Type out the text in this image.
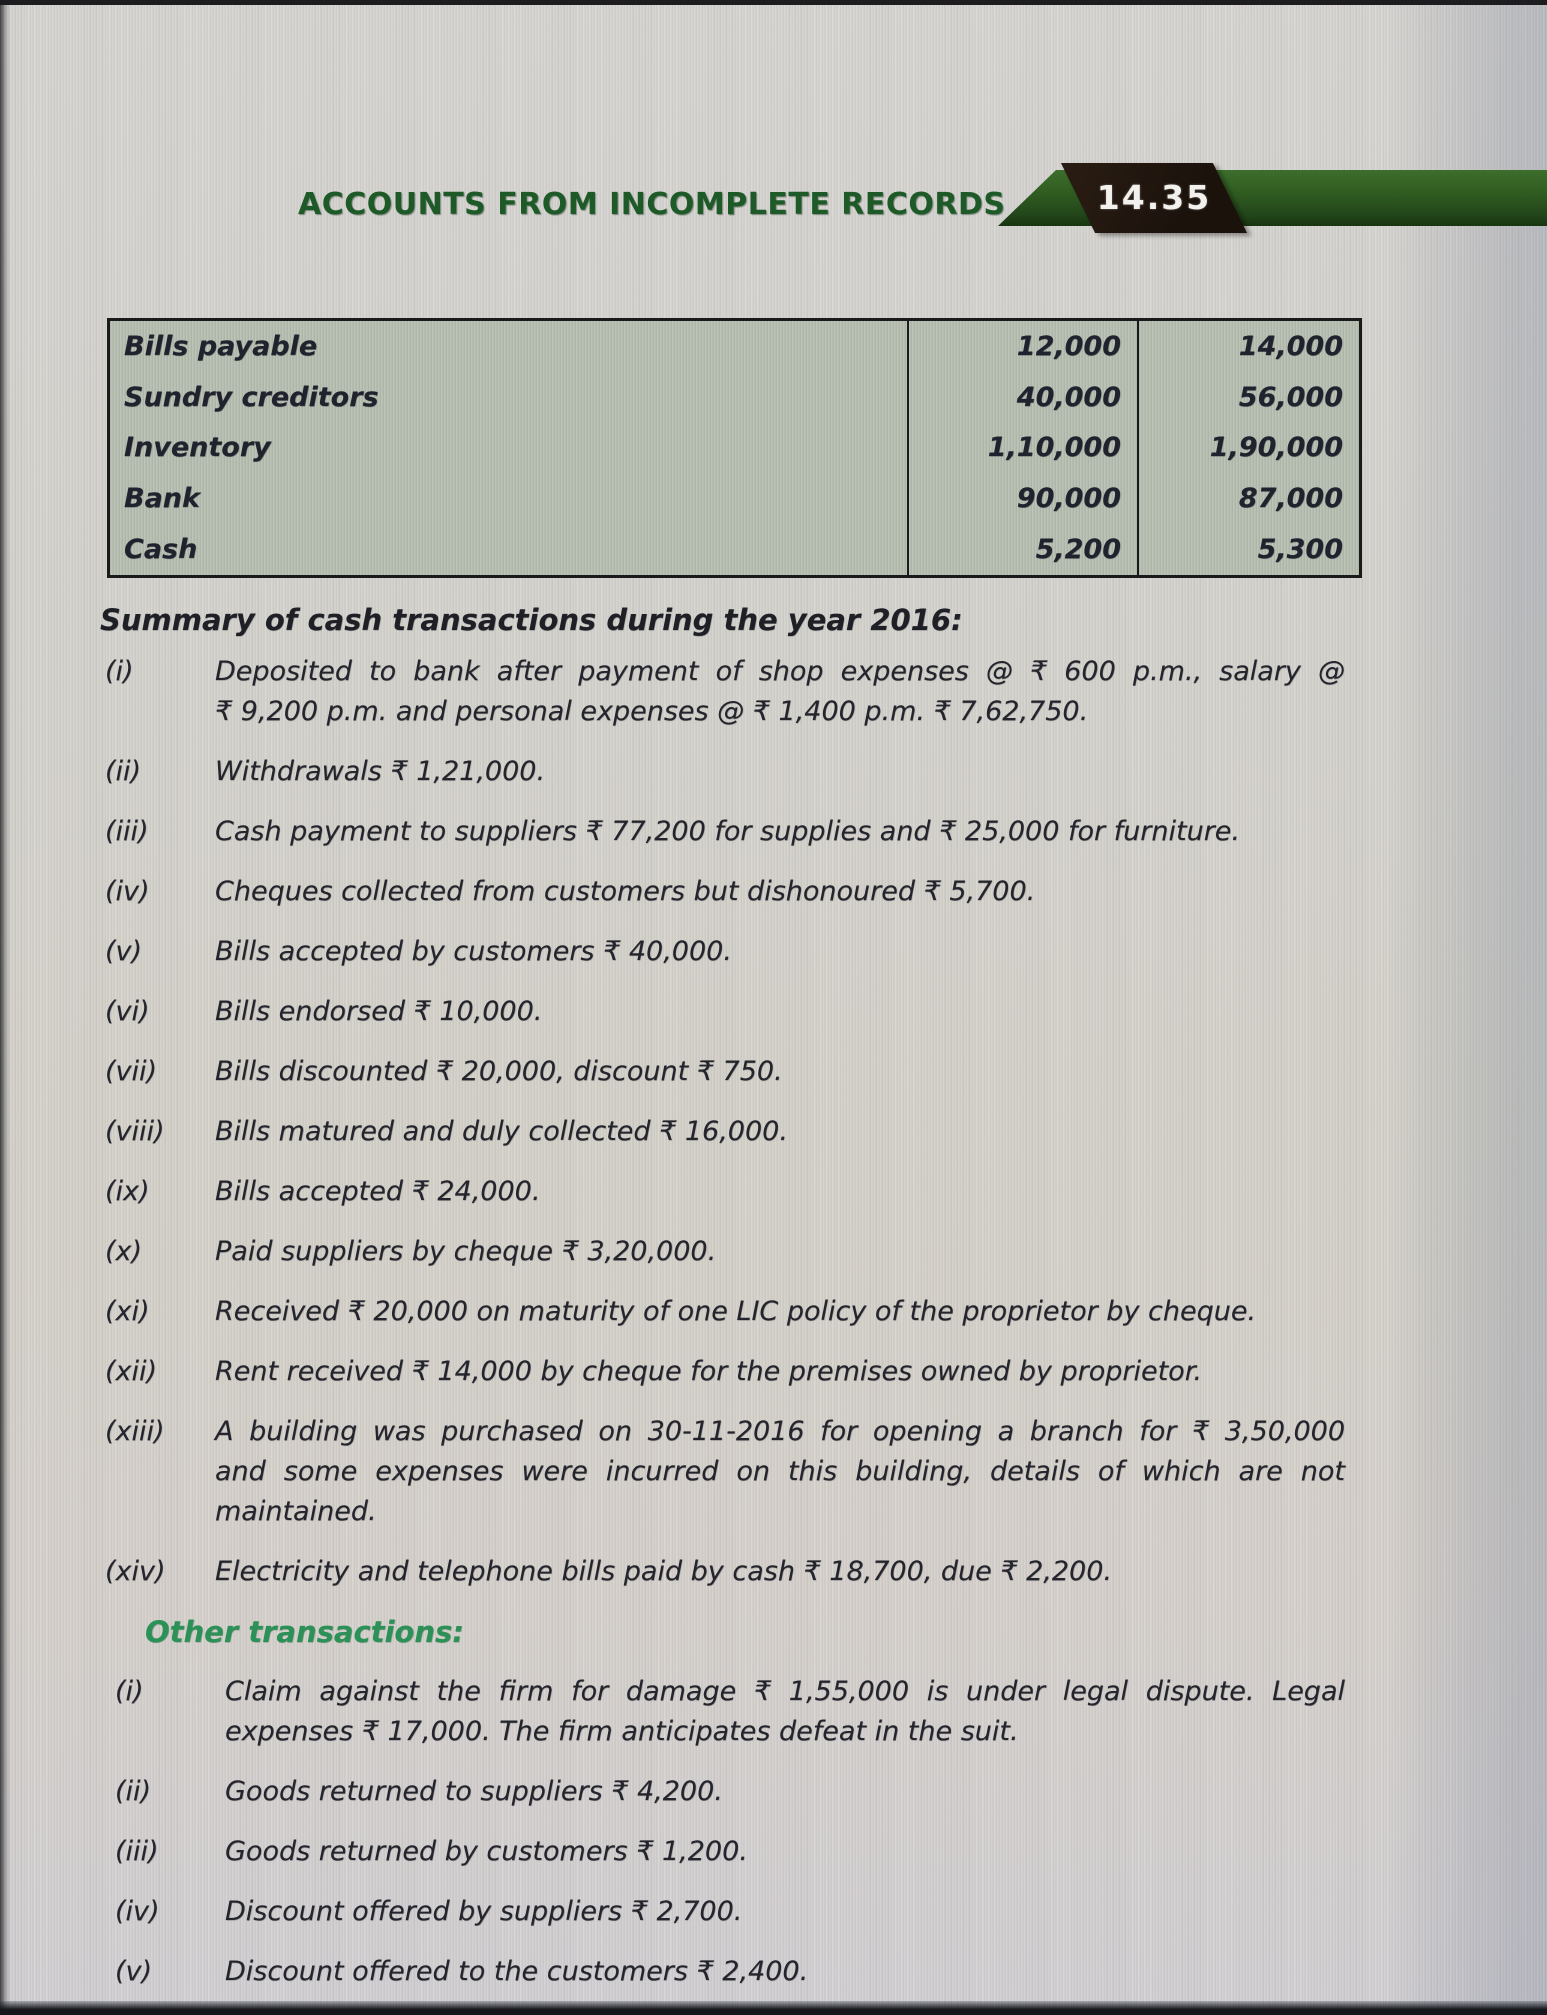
ACCOUNTS FROM INCOMPLETE RECORDS	14.35
Bills payable	12,000	14,000
Sundry creditors	40,000	56,000
Inventory	1,10,000	1,90,000
Bank	90,000	87,000
Cash	5,200	5,300
Summary of cash transactions during the year 2016:
(i)	Deposited to bank after payment of shop expenses @ ₹ 600 p.m., salary @
₹ 9,200 p.m. and personal expenses @ ₹ 1,400 p.m. ₹ 7,62,750.
(ii)	Withdrawals ₹ 1,21,000.
(iii) Cash payment to suppliers ₹ 77,200 for supplies and ₹ 25,000 for furniture.
(iv) Cheques collected from customers but dishonoured ₹ 5,700.
(v)	Bills accepted by customers ₹ 40,000.
(vi) Bills endorsed ₹ 10,000.
(vii) Bills discounted ₹ 20,000, discount ₹ 750.
(viii) Bills matured and duly collected ₹ 16,000.
(ix) Bills accepted ₹ 24,000.
(x)	Paid suppliers by cheque ₹ 3,20,000.
(xi) Received ₹ 20,000 on maturity of one LIC policy of the proprietor by cheque.
(xii) Rent received ₹ 14,000 by cheque for the premises owned by proprietor.
(xiii) A building was purchased on 30-11-2016 for opening a branch for ₹ 3,50,000
and some expenses were incurred on this building, details of which are not
maintained.
(xiv) Electricity and telephone bills paid by cash ₹ 18,700, due ₹ 2,200.
Other transactions:
(i)	Claim against the firm for damage ₹ 1,55,000 is under legal dispute. Legal
expenses ₹ 17,000. The firm anticipates defeat in the suit.
(ii)	Goods returned to suppliers ₹ 4,200.
(iii) Goods returned by customers ₹ 1,200.
(iv) Discount offered by suppliers ₹ 2,700.
(v)	Discount offered to the customers ₹ 2,400.
